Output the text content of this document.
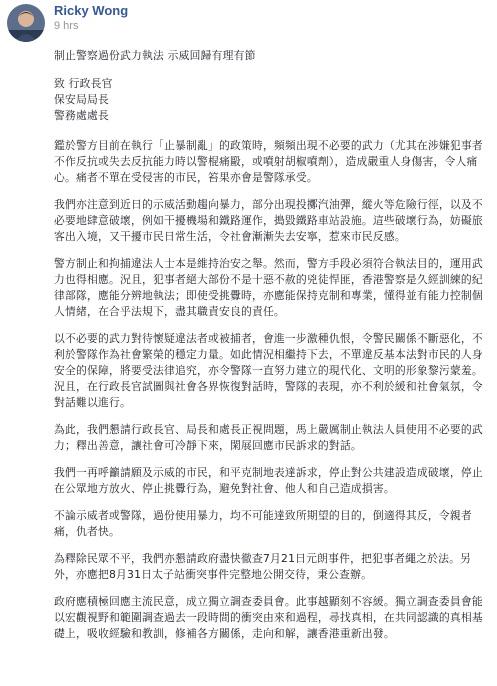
Ricky Wong
9 hrs

制止警察過份武力執法 示威回歸有理有節

致 行政長官

保安局局長

警務處處長

鑑於警方目前在執行「止暴制亂」的政策時，頻頻出現不必要的武力（尤其在涉嫌犯事者不作反抗或失去反抗能力時以警棍痛毆，或噴射胡椒噴劑），造成嚴重人身傷害，令人痛心。痛者不單在受侵害的市民，笞果亦會是警隊承受。

我們亦注意到近日的示威活動趨向暴力，部分出現投擲汽油彈，縱火等危險行徑，以及不必要地肆意破壞，例如干擾機場和鐵路運作，搗毀鐵路車站設施。這些破壞行為，妨礙旅客出入境，又干擾市民日常生活，令社會漸漸失去安寧，惹來市民反感。

警方制止和拘捕違法人士本是維持治安之舉。然而，警方手段必須符合執法目的，運用武力也得相應。況且，犯事者絕大部份不是十惡不赦的兇徒悍匪，香港警察是久經訓練的紀律部隊，應能分辨地執法；即使受挑釁時，亦應能保持克制和專業，懂得並有能力控制個人情緒，在合乎法規下，盡其職責安良的責任。

以不必要的武力對待懷疑違法者或被捕者，會進一步激種仇恨，令警民關係不斷惡化，不利於警隊作為社會繁榮的穩定力量。如此情況相繼持下去，不單違反基本法對市民的人身安全的保障，將要受法律追究，亦令警隊一直努力建立的現代化、文明的形象黎污蒙羞。況且，在行政長官試圖與社會各界恢復對話時，警隊的表現，亦不利於緩和社會氣氛，令對話難以進行。

為此，我們懇請行政長官、局長和處長正視問題，馬上嚴厲制止執法人員使用不必要的武力；釋出善意，讓社會可冷靜下來，閑展回應市民訴求的對話。

我們一再呼籲請願及示威的市民，和平克制地表達訴求，停止對公共建設造成破壞，停止在公眾地方放火、停止挑釁行為，避免對社會、他人和自己造成損害。

不論示威者或警隊，過份使用暴力，均不可能達致所期望的目的，倒適得其反，令親者痛，仇者快。

為釋除民眾不平，我們亦懇請政府盡快徹查7月21日元朗事件，把犯事者繩之於法。另外，亦應把8月31日太子站衝突事件完整地公開交待，秉公查辦。

政府應積極回應主流民意，成立獨立調查委員會。此事越顯刻不容緩。獨立調查委員會能以宏觀視野和範圍調查過去一段時間的衝突由來和過程，尋找真相，在共同認識的真相基礎上，吸收經驗和教訓，修補各方關係，走向和解，讓香港重新出發。
